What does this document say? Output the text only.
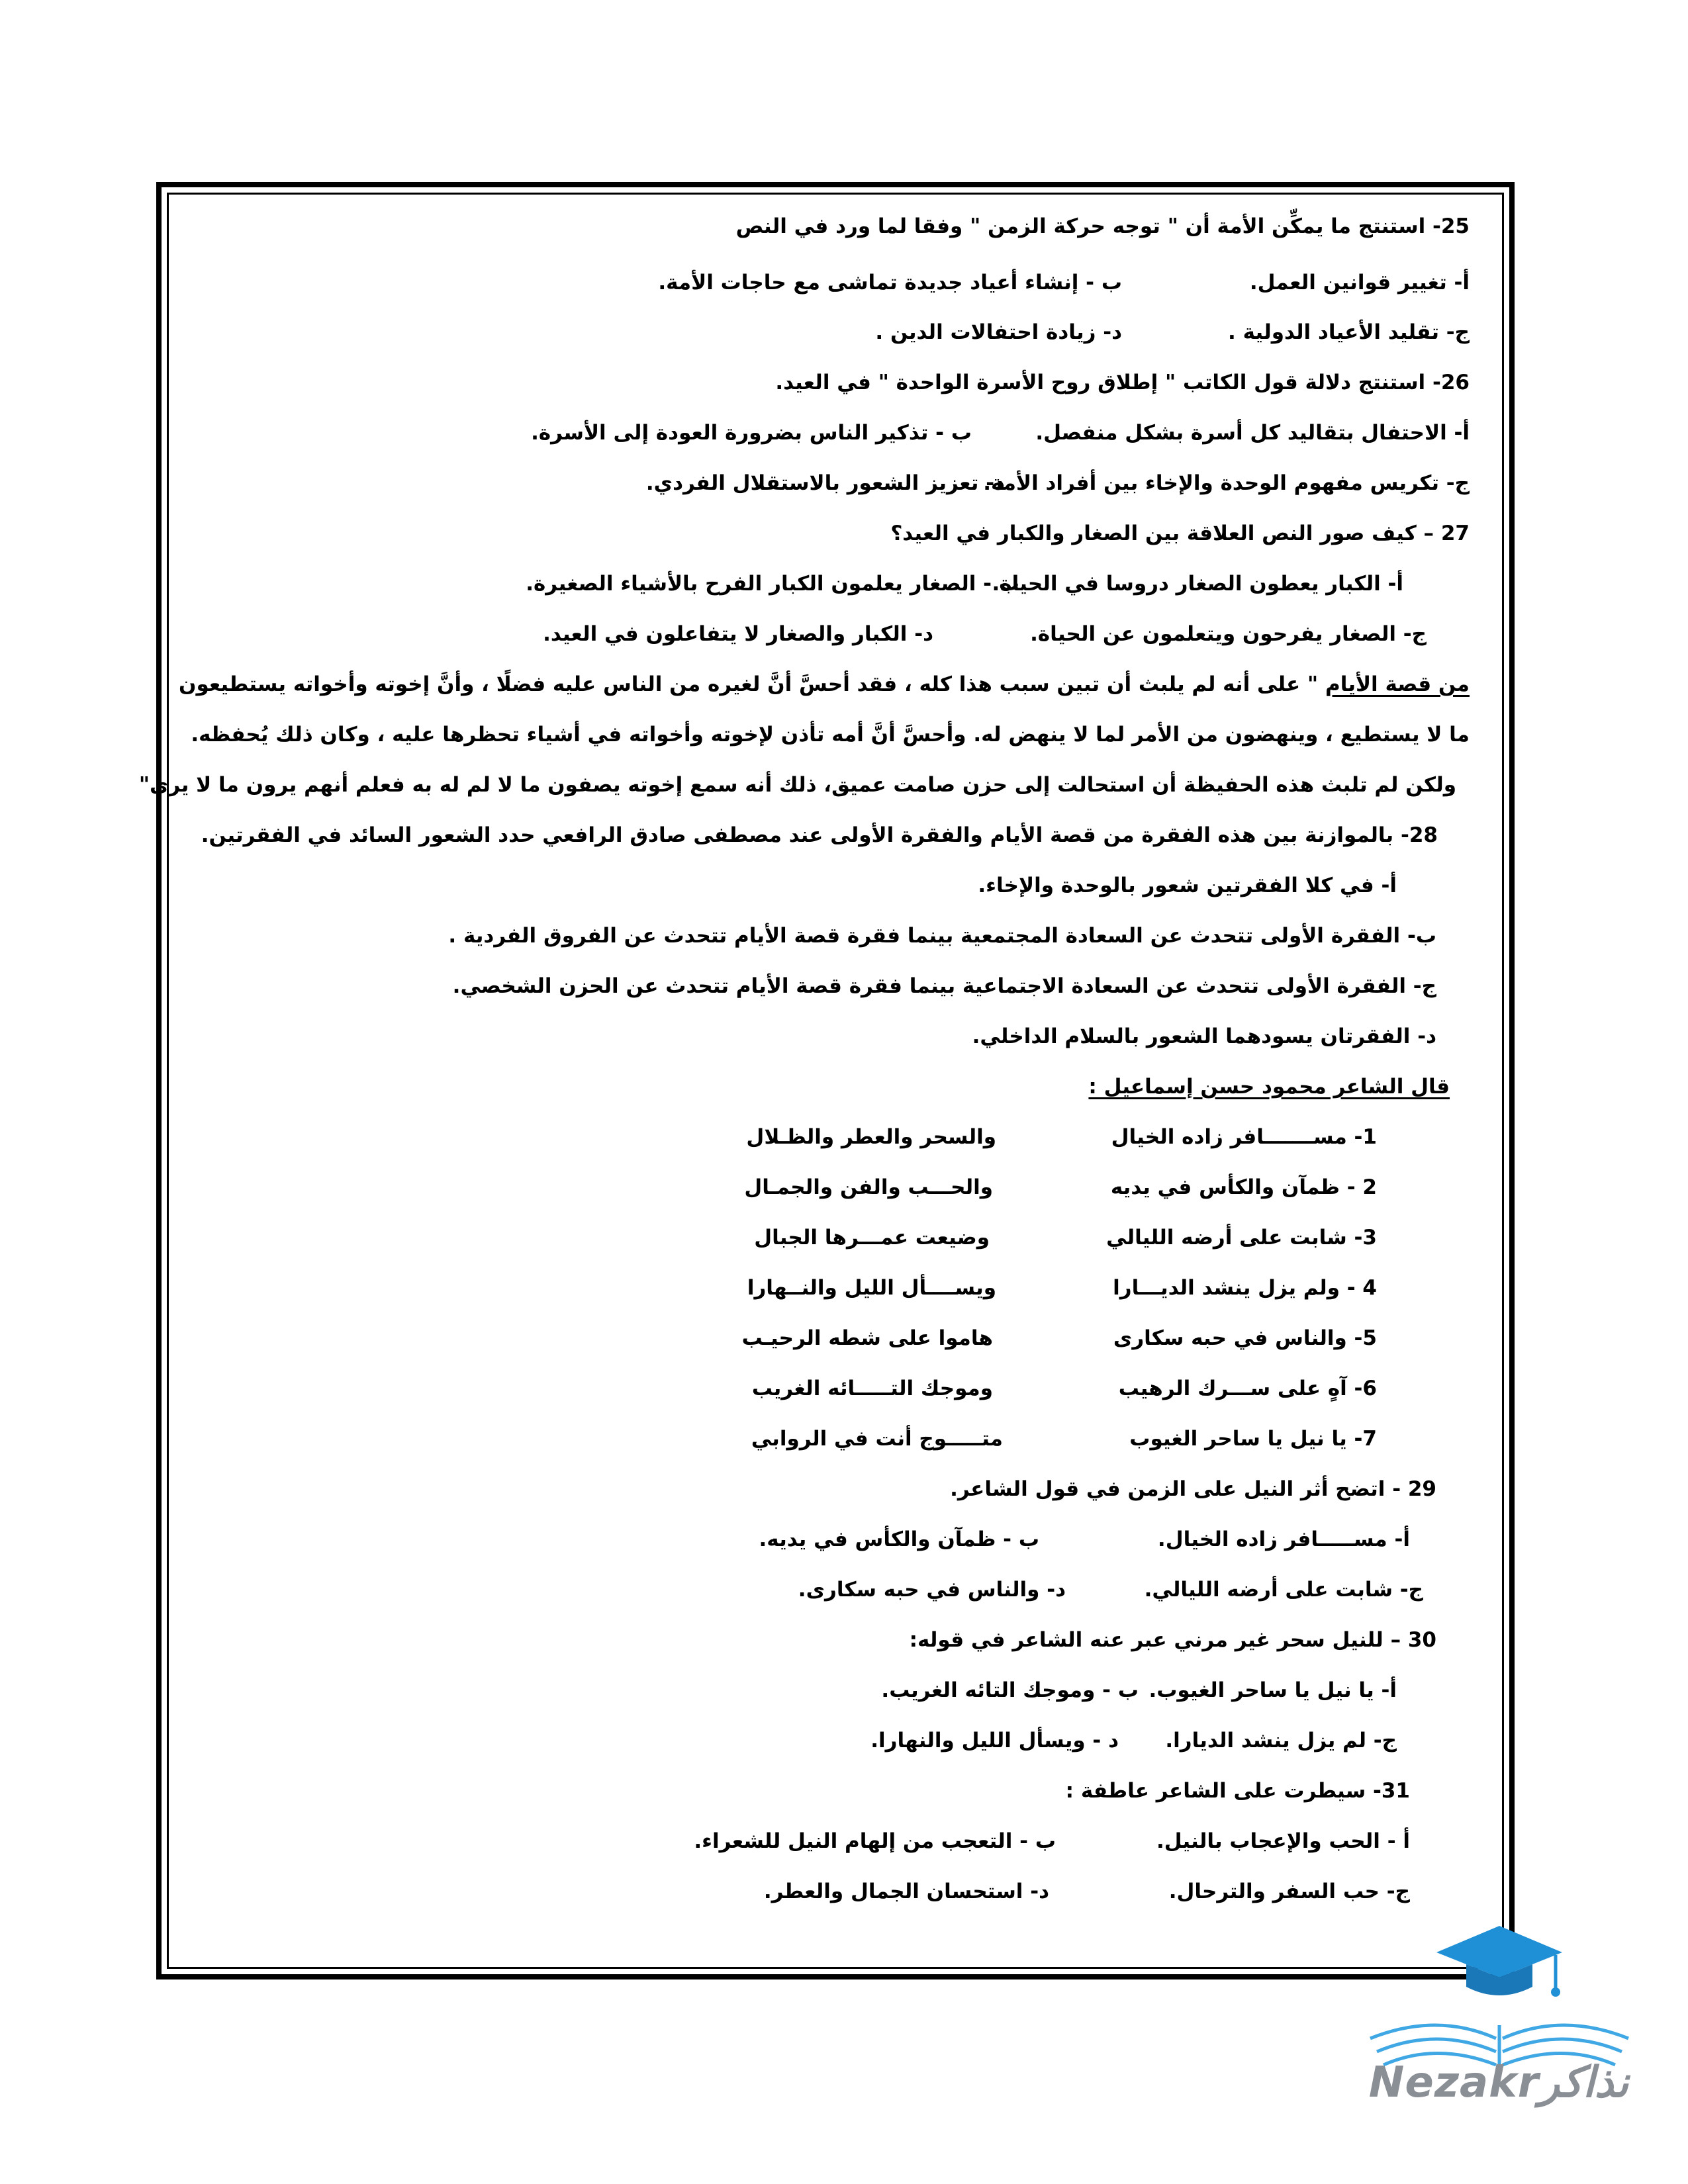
25- استنتج ما يمكِّن الأمة أن " توجه حركة الزمن " وفقا لما ورد في النص
أ- تغيير قوانين العمل.
ب - إنشاء أعياد جديدة تماشى مع حاجات الأمة.
ج- تقليد الأعياد الدولية .
د- زيادة احتفالات الدين .
26- استنتج دلالة قول الكاتب " إطلاق روح الأسرة الواحدة " في العيد.
أ- الاحتفال بتقاليد كل أسرة بشكل منفصل.
ب - تذكير الناس بضرورة العودة إلى الأسرة.
ج- تكريس مفهوم الوحدة والإخاء بين أفراد الأمة.
د- تعزيز الشعور بالاستقلال الفردي.
27 – كيف صور النص العلاقة بين الصغار والكبار في العيد؟
أ- الكبار يعطون الصغار دروسا في الحياة.
ب - الصغار يعلمون الكبار الفرح بالأشياء الصغيرة.
ج- الصغار يفرحون ويتعلمون عن الحياة.
د- الكبار والصغار لا يتفاعلون في العيد.
من قصة الأيام " على أنه لم يلبث أن تبين سبب هذا كله ، فقد أحسَّ أنَّ لغيره من الناس عليه فضلًا ، وأنَّ إخوته وأخواته يستطيعون
ما لا يستطيع ، وينهضون من الأمر لما لا ينهض له. وأحسَّ أنَّ أمه تأذن لإخوته وأخواته في أشياء تحظرها عليه ، وكان ذلك يُحفظه.
ولكن لم تلبث هذه الحفيظة أن استحالت إلى حزن صامت عميق، ذلك أنه سمع إخوته يصفون ما لا لم له به فعلم أنهم يرون ما لا يرى"
28- بالموازنة بين هذه الفقرة من قصة الأيام والفقرة الأولى عند مصطفى صادق الرافعي حدد الشعور السائد في الفقرتين.
أ- في كلا الفقرتين شعور بالوحدة والإخاء.
ب- الفقرة الأولى تتحدث عن السعادة المجتمعية بينما فقرة قصة الأيام تتحدث عن الفروق الفردية .
ج- الفقرة الأولى تتحدث عن السعادة الاجتماعية بينما فقرة قصة الأيام تتحدث عن الحزن الشخصي.
د- الفقرتان يسودهما الشعور بالسلام الداخلي.
قال الشاعر محمود حسن إسماعيل :
1- مســـــــافر زاده الخيال
والسحر والعطر والظـلال
2 - ظمآن والكأس في يديه
والحـــب والفن والجمـال
3- شابت على أرضه الليالي
وضيعت عمـــرها الجبال
4 - ولم يزل ينشد الديـــارا
ويســــأل الليل والنــهارا
5- والناس في حبه سكارى
هاموا على شطه الرحيـب
6- آهٍ على ســـرك الرهيب
وموجك التـــــائه الغريب
7- يا نيل يا ساحر الغيوب
متـــــوج أنت في الروابي
29 - اتضح أثر النيل على الزمن في قول الشاعر.
أ- مســـــافر زاده الخيال.
ب - ظمآن والكأس في يديه.
ج- شابت على أرضه الليالي.
د- والناس في حبه سكارى.
30 – للنيل سحر غير مرني عبر عنه الشاعر في قوله:
أ- يا نيل يا ساحر الغيوب.
ب - وموجك التائه الغريب.
ج- لم يزل ينشد الديارا.
د - ويسأل الليل والنهارا.
31- سيطرت على الشاعر عاطفة :
أ - الحب والإعجاب بالنيل.
ب - التعجب من إلهام النيل للشعراء.
ج- حب السفر والترحال.
د- استحسان الجمال والعطر.
Nezakrنذاكر
